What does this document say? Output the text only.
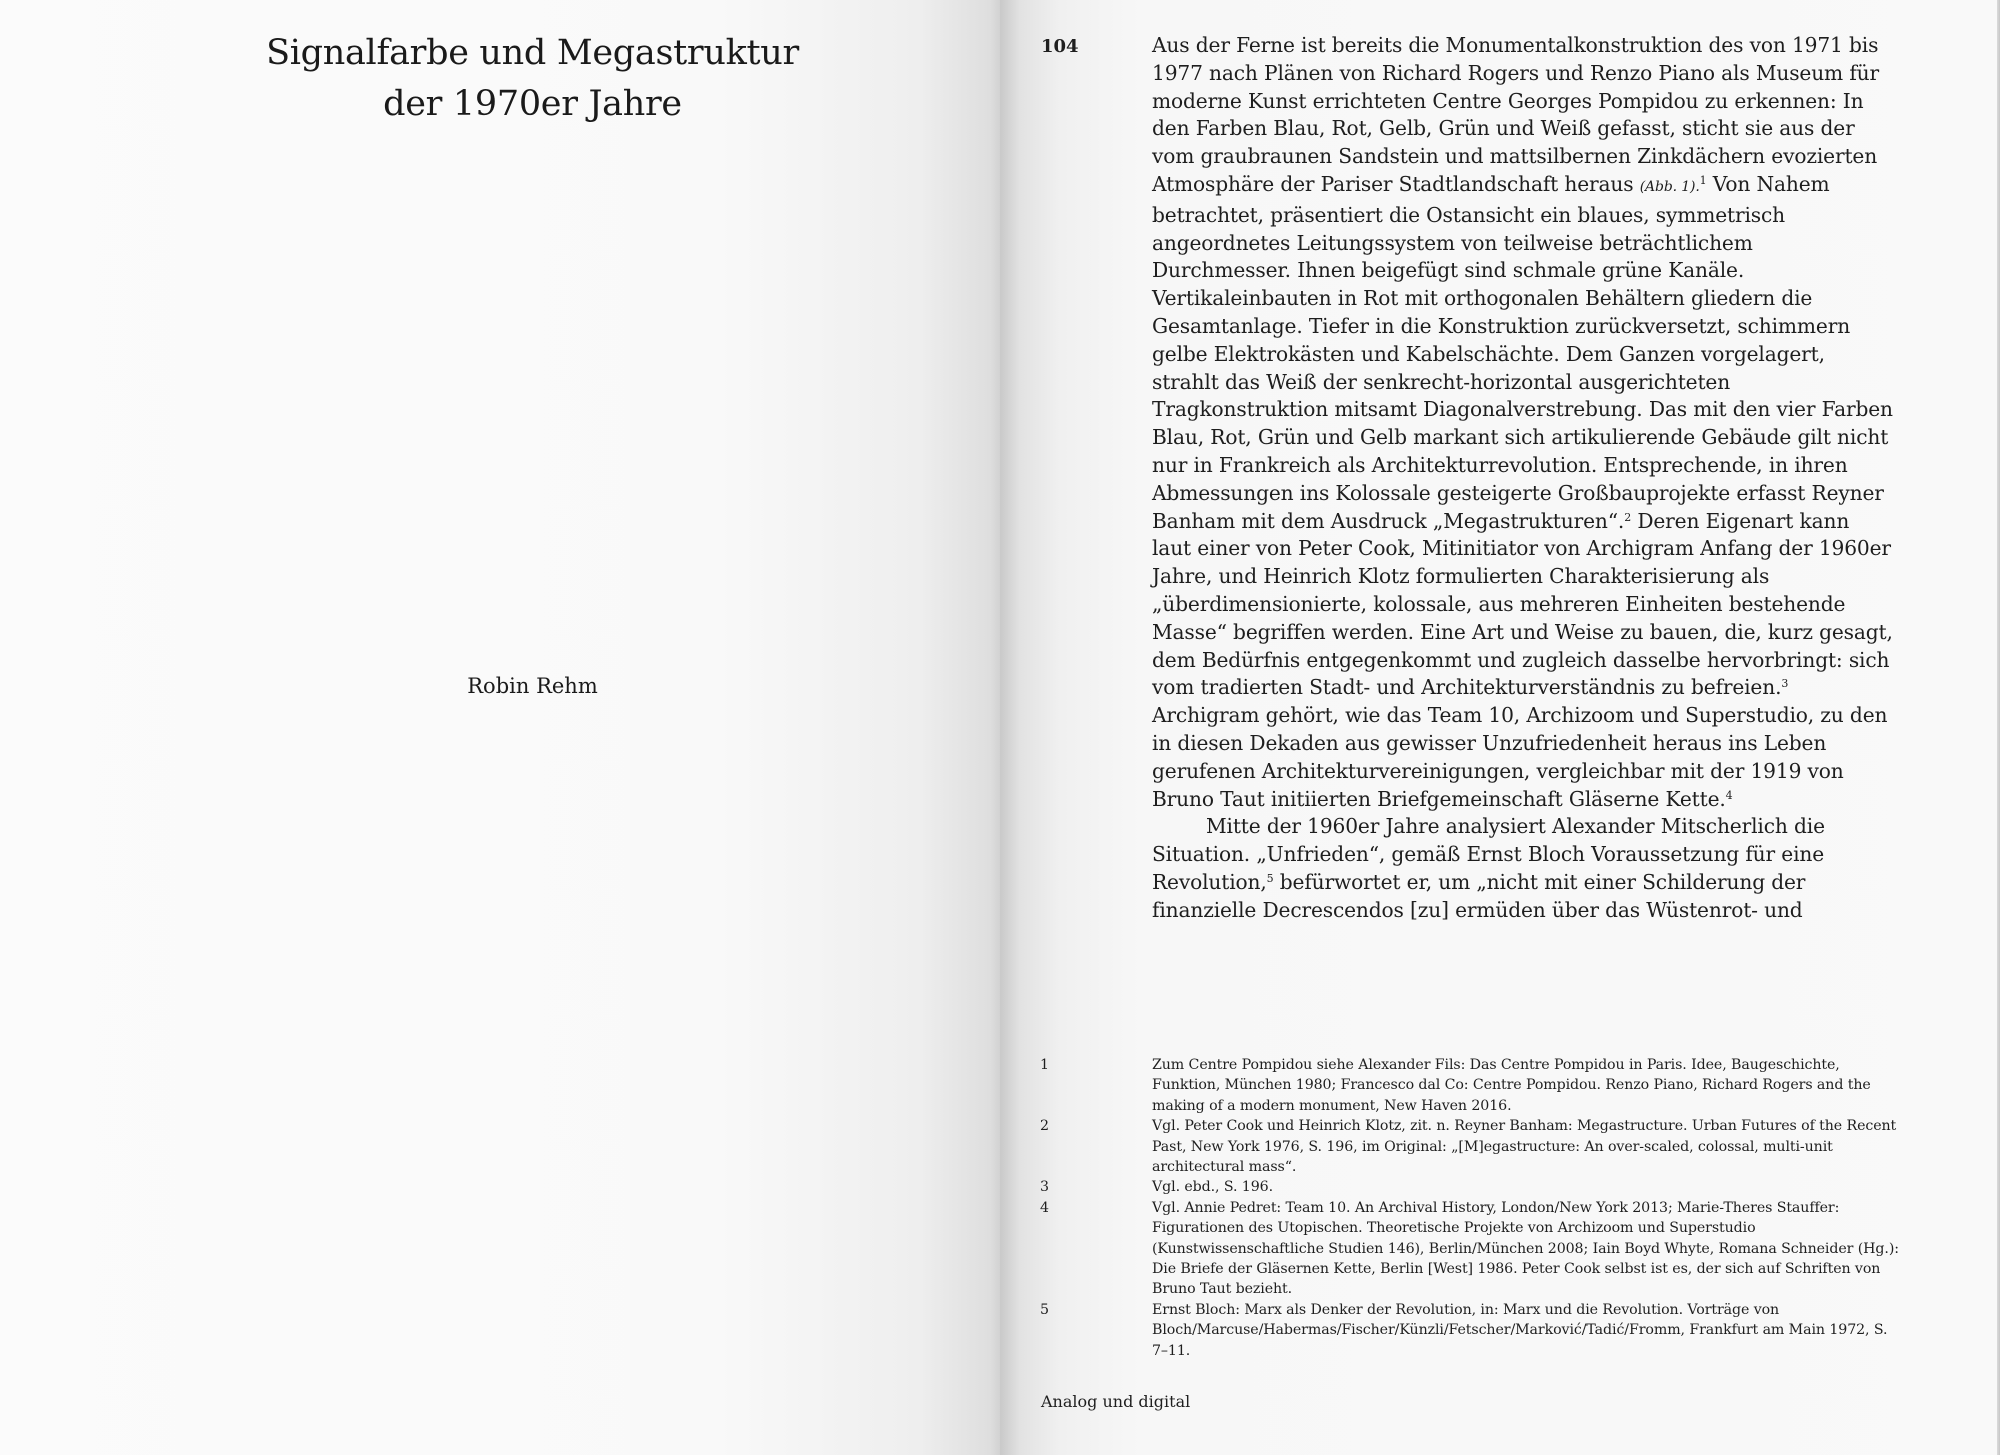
Signalfarbe und Megastruktur
der 1970er Jahre
Robin Rehm
104	Aus der Ferne ist bereits die Monumentalkonstruktion des von 1971 bis 1977 nach Plänen von Richard Rogers und Renzo Piano als Museum für moderne Kunst errichteten Centre Georges Pompidou zu erkennen: In den Farben Blau, Rot, Gelb, Grün und Weiß gefasst, sticht sie aus der vom graubraunen Sandstein und mattsilbernen Zinkdächern evozierten Atmosphäre der Pariser Stadtlandschaft heraus (Abb. 1).$^1$ Von Nahem betrachtet, präsentiert die Ostansicht ein blaues, symmetrisch angeordnetes Leitungssystem von teilweise beträchtlichem Durchmesser. Ihnen beigefügt sind schmale grüne Kanäle. Vertikaleinbauten in Rot mit orthogonalen Behältern gliedern die Gesamtanlage. Tiefer in die Konstruktion zurückversetzt, schimmern gelbe Elektrokästen und Kabelschächte. Dem Ganzen vorgelagert, strahlt das Weiß der senkrecht-horizontal ausgerichteten Tragkonstruktion mitsamt Diagonalverstrebung. Das mit den vier Farben Blau, Rot, Grün und Gelb markant sich artikulierende Gebäude gilt nicht nur in Frankreich als Architekturrevolution. Entsprechende, in ihren Abmessungen ins Kolossale gesteigerte Großbauprojekte erfasst Reyner Banham mit dem Ausdruck „Megastrukturen“.$^2$ Deren Eigenart kann laut einer von Peter Cook, Mitinitiator von Archigram Anfang der 1960er Jahre, und Heinrich Klotz formulierten Charakterisierung als „überdimensionierte, kolossale, aus mehreren Einheiten bestehende Masse“ begriffen werden. Eine Art und Weise zu bauen, die, kurz gesagt, dem Bedürfnis entgegenkommt und zugleich dasselbe hervorbringt: sich vom tradierten Stadt- und Architekturverständnis zu befreien.$^3$ Archigram gehört, wie das Team 10, Archizoom und Superstudio, zu den in diesen Dekaden aus gewisser Unzufriedenheit heraus ins Leben gerufenen Architekturvereinigungen, vergleichbar mit der 1919 von Bruno Taut initiierten Briefgemeinschaft Gläserne Kette.$^4$

Mitte der 1960er Jahre analysiert Alexander Mitscherlich die Situation. „Unfrieden“, gemäß Ernst Bloch Voraussetzung für eine Revolution,$^5$ befürwortet er, um „nicht mit einer Schilderung der finanzielle Decrescendos [zu] ermüden über das Wüstenrot- und

1	Zum Centre Pompidou siehe Alexander Fils: Das Centre Pompidou in Paris. Idee, Baugeschichte, Funktion, München 1980; Francesco dal Co: Centre Pompidou. Renzo Piano, Richard Rogers and the making of a modern monument, New Haven 2016.
2	Vgl. Peter Cook und Heinrich Klotz, zit. n. Reyner Banham: Megastructure. Urban Futures of the Recent Past, New York 1976, S. 196, im Original: „[M]egastructure: An over-scaled, colossal, multi-unit architectural mass“.
3	Vgl. ebd., S. 196.
4	Vgl. Annie Pedret: Team 10. An Archival History, London/New York 2013; Marie-Theres Stauffer: Figurationen des Utopischen. Theoretische Projekte von Archizoom und Superstudio (Kunstwissenschaftliche Studien 146), Berlin/München 2008; Iain Boyd Whyte, Romana Schneider (Hg.): Die Briefe der Gläsernen Kette, Berlin [West] 1986. Peter Cook selbst ist es, der sich auf Schriften von Bruno Taut bezieht.
5	Ernst Bloch: Marx als Denker der Revolution, in: Marx und die Revolution. Vorträge von Bloch/Marcuse/Habermas/Fischer/Künzli/Fetscher/Marković/Tadić/Fromm, Frankfurt am Main 1972, S. 7–11.
Analog und digital
